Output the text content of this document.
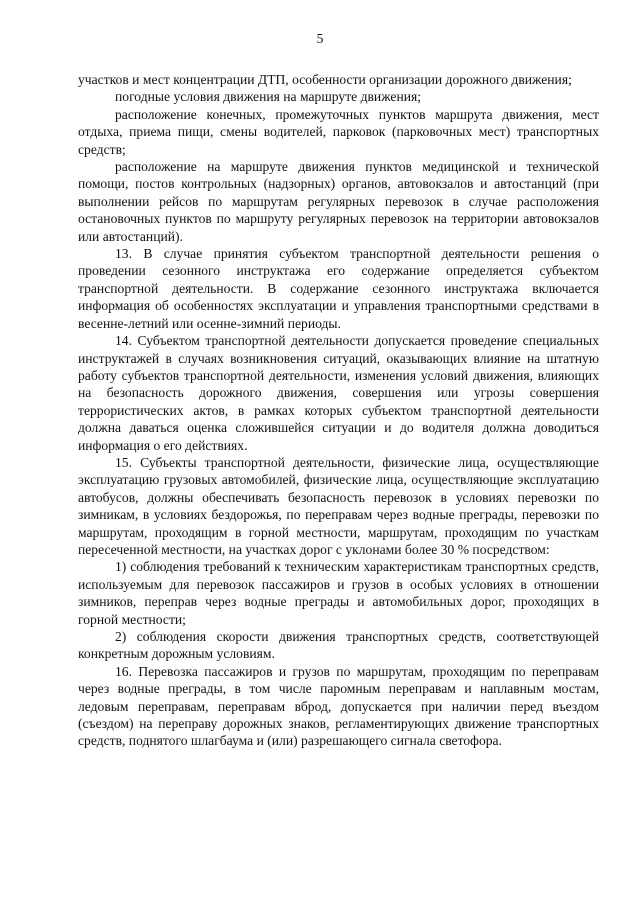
5

участков и мест концентрации ДТП, особенности организации дорожного движения;

погодные условия движения на маршруте движения;

расположение конечных, промежуточных пунктов маршрута движения, мест отдыха, приема пищи, смены водителей, парковок (парковочных мест) транспортных средств;

расположение на маршруте движения пунктов медицинской и технической помощи, постов контрольных (надзорных) органов, автовокзалов и автостанций (при выполнении рейсов по маршрутам регулярных перевозок в случае расположения остановочных пунктов по маршруту регулярных перевозок на территории автовокзалов или автостанций).

13. В случае принятия субъектом транспортной деятельности решения о проведении сезонного инструктажа его содержание определяется субъектом транспортной деятельности. В содержание сезонного инструктажа включается информация об особенностях эксплуатации и управления транспортными средствами в весенне-летний или осенне-зимний периоды.

14. Субъектом транспортной деятельности допускается проведение специальных инструктажей в случаях возникновения ситуаций, оказывающих влияние на штатную работу субъектов транспортной деятельности, изменения условий движения, влияющих на безопасность дорожного движения, совершения или угрозы совершения террористических актов, в рамках которых субъектом транспортной деятельности должна даваться оценка сложившейся ситуации и до водителя должна доводиться информация о его действиях.

15. Субъекты транспортной деятельности, физические лица, осуществляющие эксплуатацию грузовых автомобилей, физические лица, осуществляющие эксплуатацию автобусов, должны обеспечивать безопасность перевозок в условиях перевозки по зимникам, в условиях бездорожья, по переправам через водные преграды, перевозки по маршрутам, проходящим в горной местности, маршрутам, проходящим по участкам пересеченной местности, на участках дорог с уклонами более 30 % посредством:

1) соблюдения требований к техническим характеристикам транспортных средств, используемым для перевозок пассажиров и грузов в особых условиях в отношении зимников, переправ через водные преграды и автомобильных дорог, проходящих в горной местности;

2) соблюдения скорости движения транспортных средств, соответствующей конкретным дорожным условиям.

16. Перевозка пассажиров и грузов по маршрутам, проходящим по переправам через водные преграды, в том числе паромным переправам и наплавным мостам, ледовым переправам, переправам вброд, допускается при наличии перед въездом (съездом) на переправу дорожных знаков, регламентирующих движение транспортных средств, поднятого шлагбаума и (или) разрешающего сигнала светофора.
